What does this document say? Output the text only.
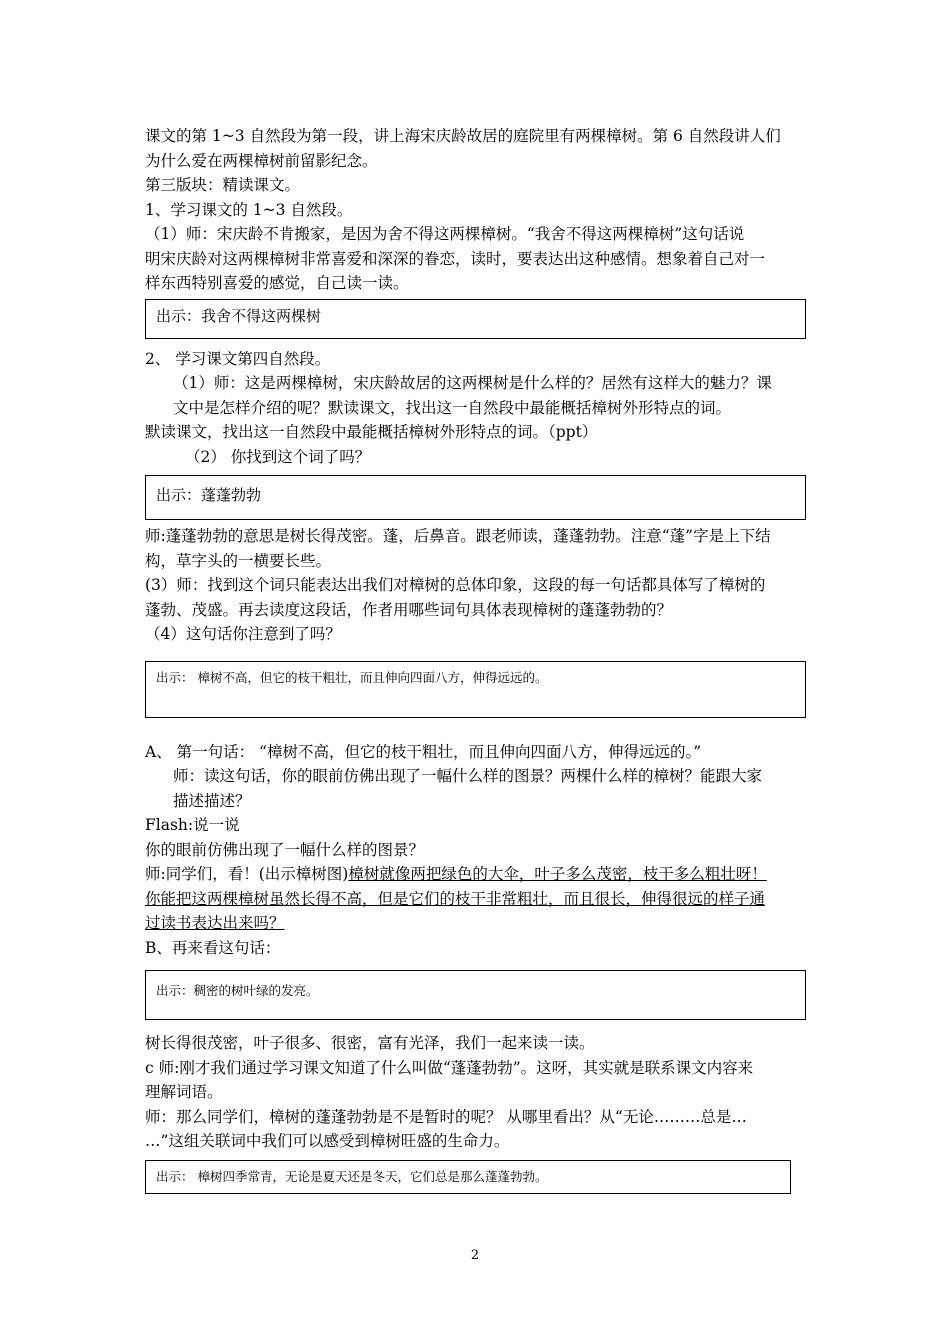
课文的第 1~3 自然段为第一段，讲上海宋庆龄故居的庭院里有两棵樟树。第 6 自然段讲人们

为什么爱在两棵樟树前留影纪念。

第三版块：精读课文。

1、学习课文的 1~3 自然段。

（1）师：宋庆龄不肯搬家，是因为舍不得这两棵樟树。“我舍不得这两棵樟树”这句话说

明宋庆龄对这两棵樟树非常喜爱和深深的眷恋，读时，要表达出这种感情。想象着自己对一

样东西特别喜爱的感觉，自己读一读。

出示：我舍不得这两棵树

2、 学习课文第四自然段。

（1）师：这是两棵樟树，宋庆龄故居的这两棵树是什么样的？居然有这样大的魅力？课

文中是怎样介绍的呢？默读课文，找出这一自然段中最能概括樟树外形特点的词。

默读课文，找出这一自然段中最能概括樟树外形特点的词。（ppt）

（2） 你找到这个词了吗？

出示：蓬蓬勃勃

师:蓬蓬勃勃的意思是树长得茂密。蓬，后鼻音。跟老师读，蓬蓬勃勃。注意“蓬”字是上下结

构，草字头的一横要长些。

(3）师：找到这个词只能表达出我们对樟树的总体印象，这段的每一句话都具体写了樟树的

蓬勃、茂盛。再去读度这段话，作者用哪些词句具体表现樟树的蓬蓬勃勃的？

（4）这句话你注意到了吗？

出示： 樟树不高，但它的枝干粗壮，而且伸向四面八方，伸得远远的。

A、 第一句话： “樟树不高，但它的枝干粗壮，而且伸向四面八方，伸得远远的。”

师：读这句话，你的眼前仿佛出现了一幅什么样的图景？两棵什么样的樟树？能跟大家

描述描述？

Flash:说一说

你的眼前仿佛出现了一幅什么样的图景？

师:同学们，看！(出示樟树图)樟树就像两把绿色的大伞，叶子多么茂密，枝干多么粗壮呀！

你能把这两棵樟树虽然长得不高，但是它们的枝干非常粗壮，而且很长，伸得很远的样子通

过读书表达出来吗？

B、再来看这句话：

出示：稠密的树叶绿的发亮。

树长得很茂密，叶子很多、很密，富有光泽，我们一起来读一读。

c 师:刚才我们通过学习课文知道了什么叫做“蓬蓬勃勃”。这呀，其实就是联系课文内容来

理解词语。

师：那么同学们，樟树的蓬蓬勃勃是不是暂时的呢？ 从哪里看出？从“无论………总是…

…”这组关联词中我们可以感受到樟树旺盛的生命力。

出示： 樟树四季常青，无论是夏天还是冬天，它们总是那么蓬蓬勃勃。
2
